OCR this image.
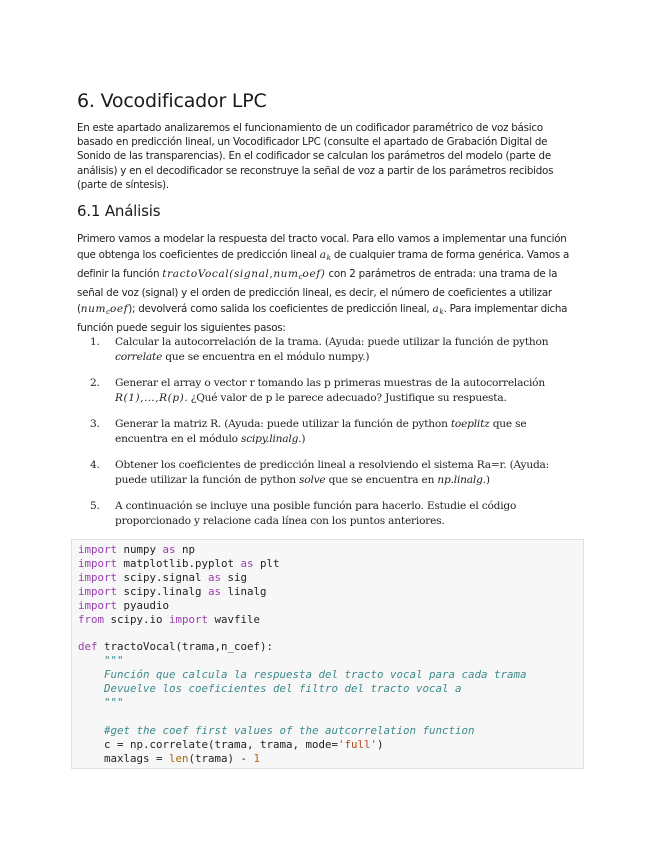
6. Vocodificador LPC

En este apartado analizaremos el funcionamiento de un codificador paramétrico de voz básico basado en predicción lineal, un Vocodificador LPC (consulte el apartado de Grabación Digital de Sonido de las transparencias). En el codificador se calculan los parámetros del modelo (parte de análisis) y en el decodificador se reconstruye la señal de voz a partir de los parámetros recibidos (parte de síntesis).

6.1 Análisis

Primero vamos a modelar la respuesta del tracto vocal. Para ello vamos a implementar una función que obtenga los coeficientes de predicción lineal ak de cualquier trama de forma genérica. Vamos a definir la función tractoVocal(signal,numcoef) con 2 parámetros de entrada: una trama de la señal de voz (signal) y el orden de predicción lineal, es decir, el número de coeficientes a utilizar (numcoef); devolverá como salida los coeficientes de predicción lineal, ak. Para implementar dicha función puede seguir los siguientes pasos:

1. Calcular la autocorrelación de la trama. (Ayuda: puede utilizar la función de python correlate que se encuentra en el módulo numpy.)
2. Generar el array o vector r tomando las p primeras muestras de la autocorrelación R(1),…,R(p). ¿Qué valor de p le parece adecuado? Justifique su respuesta.
3. Generar la matriz R. (Ayuda: puede utilizar la función de python toeplitz que se encuentra en el módulo scipy.linalg.)
4. Obtener los coeficientes de predicción lineal a resolviendo el sistema Ra=r. (Ayuda: puede utilizar la función de python solve que se encuentra en np.linalg.)
5. A continuación se incluye una posible función para hacerlo. Estudie el código proporcionado y relacione cada línea con los puntos anteriores.
import numpy as np
import matplotlib.pyplot as plt
import scipy.signal as sig
import scipy.linalg as linalg
import pyaudio
from scipy.io import wavfile

def tractoVocal(trama,n_coef):
"""
Función que calcula la respuesta del tracto vocal para cada trama
Devuelve los coeficientes del filtro del tracto vocal a
"""

#get the coef first values of the autcorrelation function
c = np.correlate(trama, trama, mode='full')
maxlags = len(trama) - 1
